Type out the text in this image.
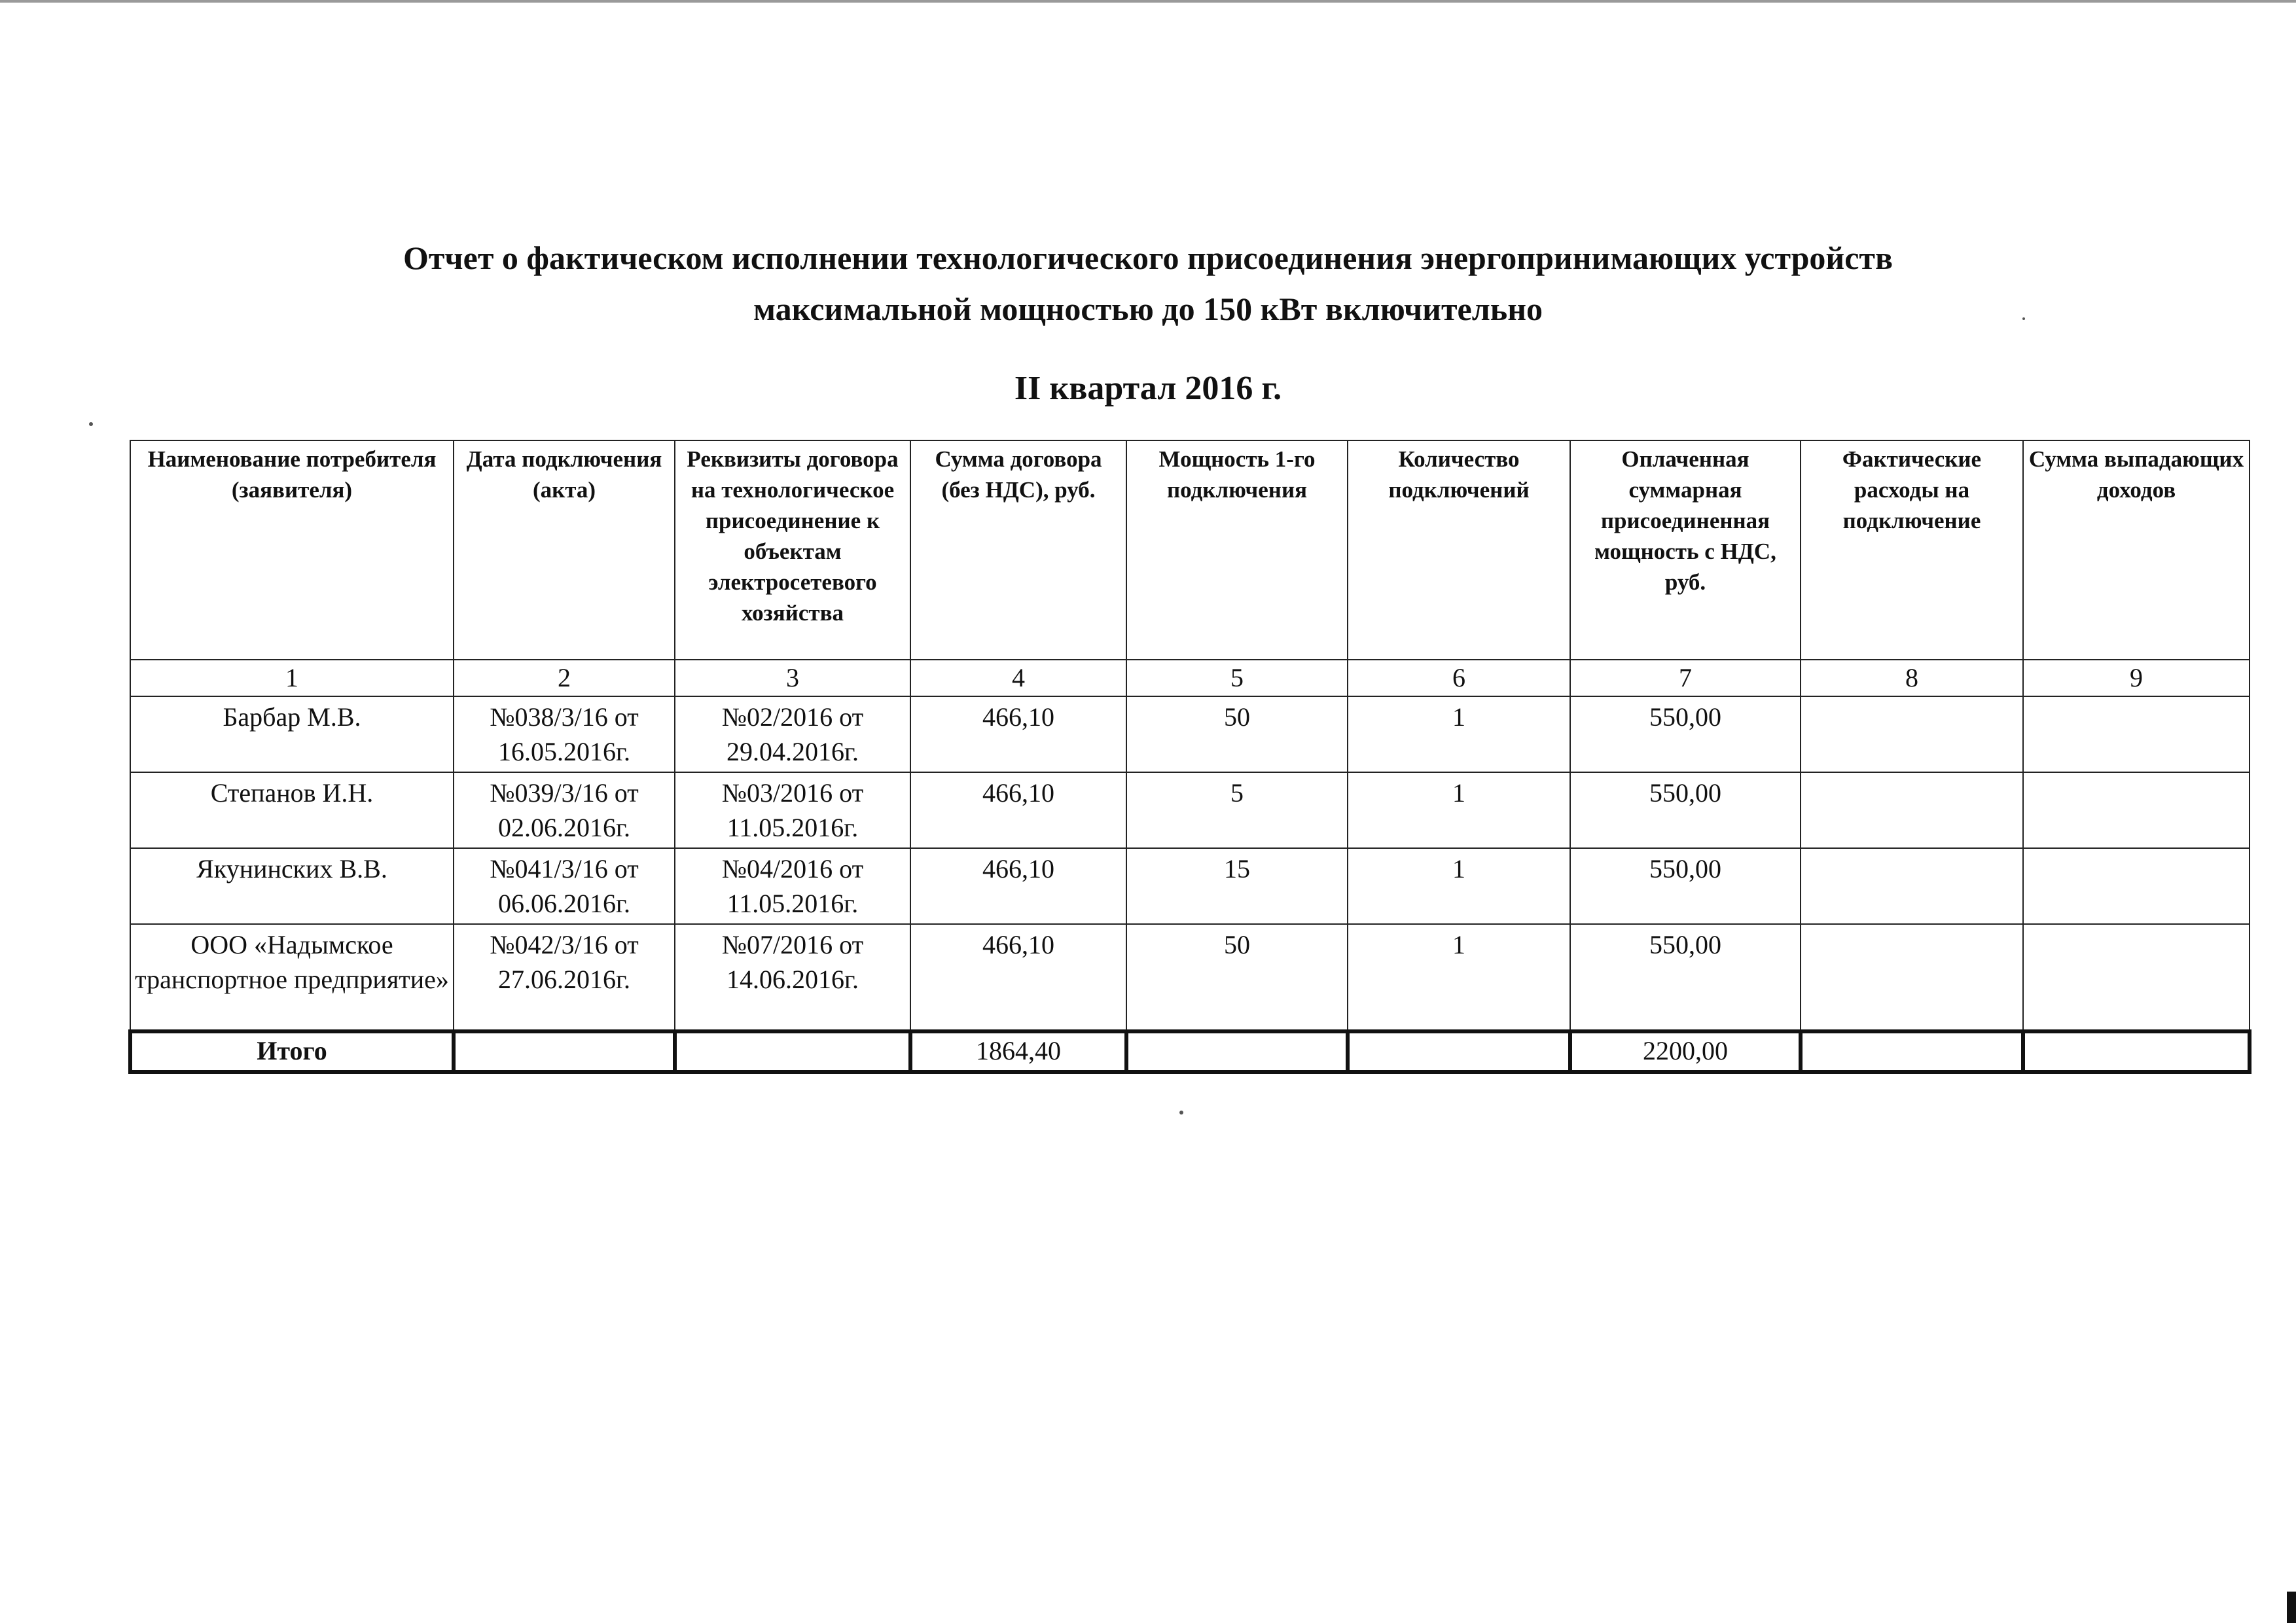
Отчет о фактическом исполнении технологического присоединения энергопринимающих устройств
максимальной мощностью до 150 кВт включительно
II квартал 2016 г.
Наименование потребителя (заявителя)	Дата подключения (акта)	Реквизиты договора на технологическое присоединение к объектам электросетевого хозяйства	Сумма договора (без НДС), руб.	Мощность 1-го подключения	Количество подключений	Оплаченная суммарная присоединенная мощность с НДС, руб.	Фактические расходы на подключение	Сумма выпадающих доходов
1	2	3	4	5	6	7	8	9
Барбар М.В.	№038/3/16 от 16.05.2016г.	№02/2016 от 29.04.2016г.	466,10	50	1	550,00		
Степанов И.Н.	№039/3/16 от 02.06.2016г.	№03/2016 от 11.05.2016г.	466,10	5	1	550,00		
Якунинских В.В.	№041/3/16 от 06.06.2016г.	№04/2016 от 11.05.2016г.	466,10	15	1	550,00		
ООО «Надымское транспортное предприятие»	№042/3/16 от 27.06.2016г.	№07/2016 от 14.06.2016г.	466,10	50	1	550,00		
Итого			1864,40			2200,00		
